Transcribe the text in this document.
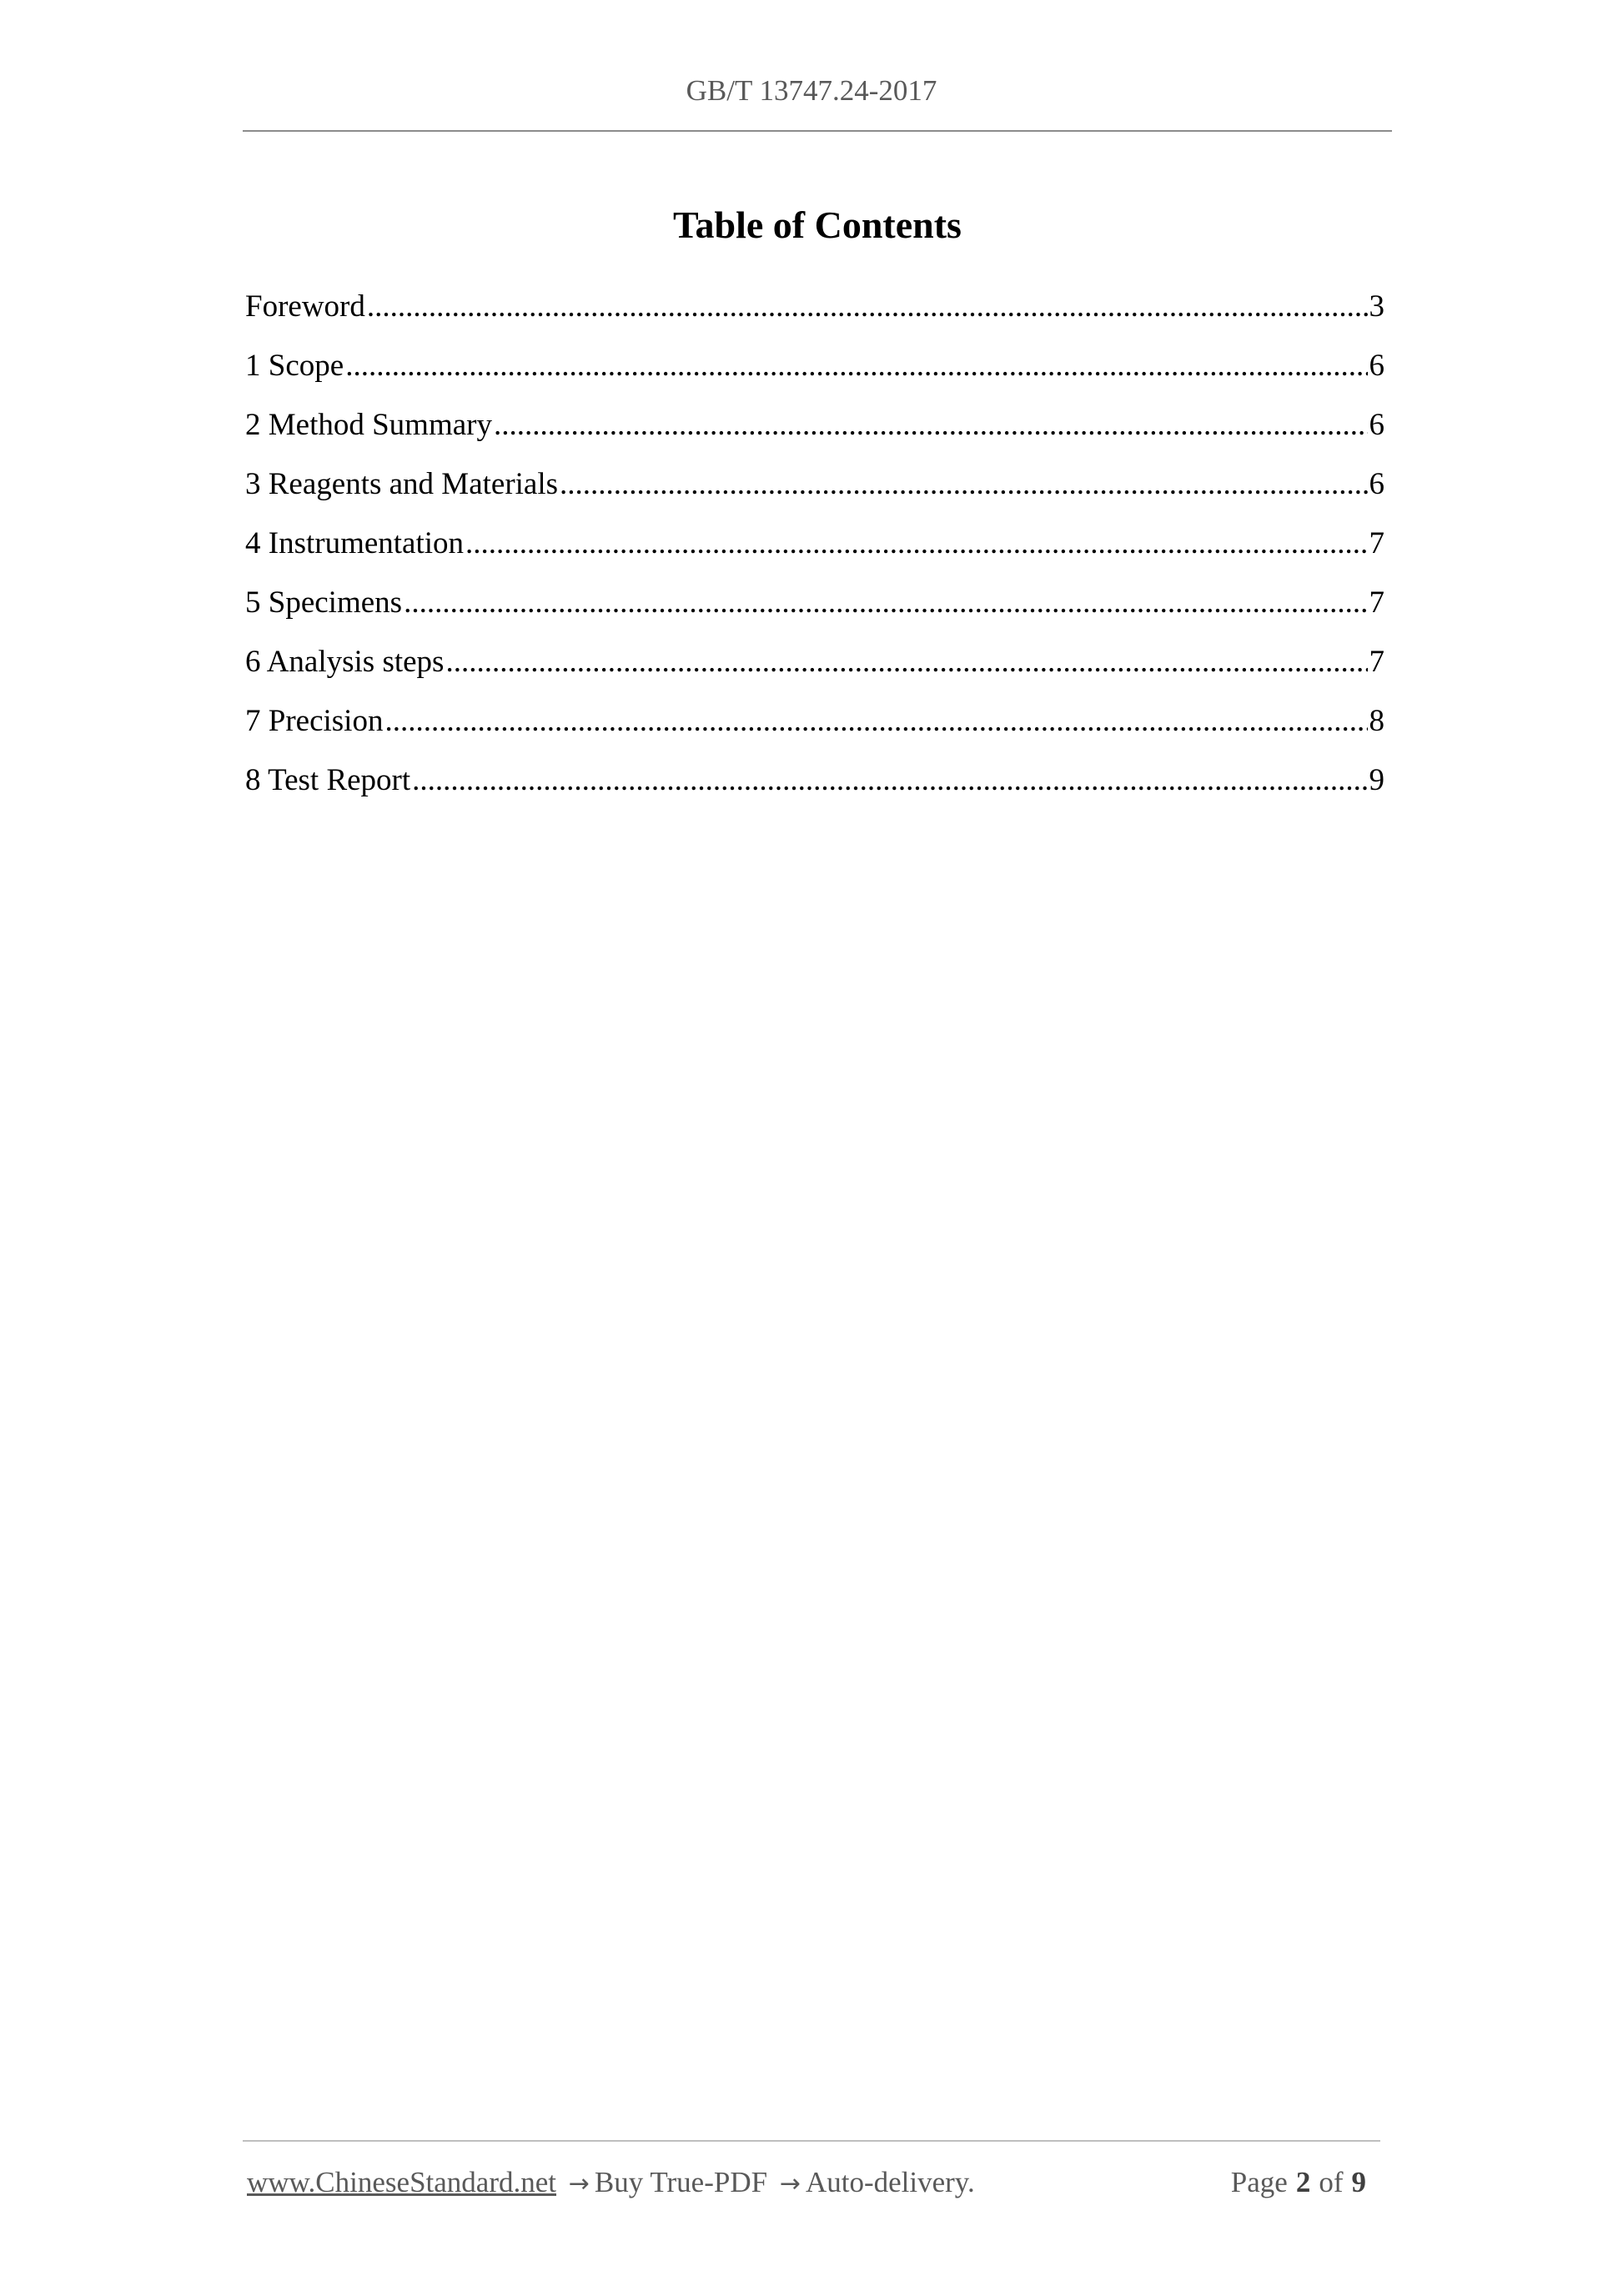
GB/T 13747.24-2017
Table of Contents
Foreword .....	3
1 Scope .....	6
2 Method Summary .....	6
3 Reagents and Materials .....	6
4 Instrumentation .....	7
5 Specimens .....	7
6 Analysis steps .....	7
7 Precision .....	8
8 Test Report .....	9
www.ChineseStandard.net → Buy True-PDF → Auto-delivery.	Page 2 of 9
